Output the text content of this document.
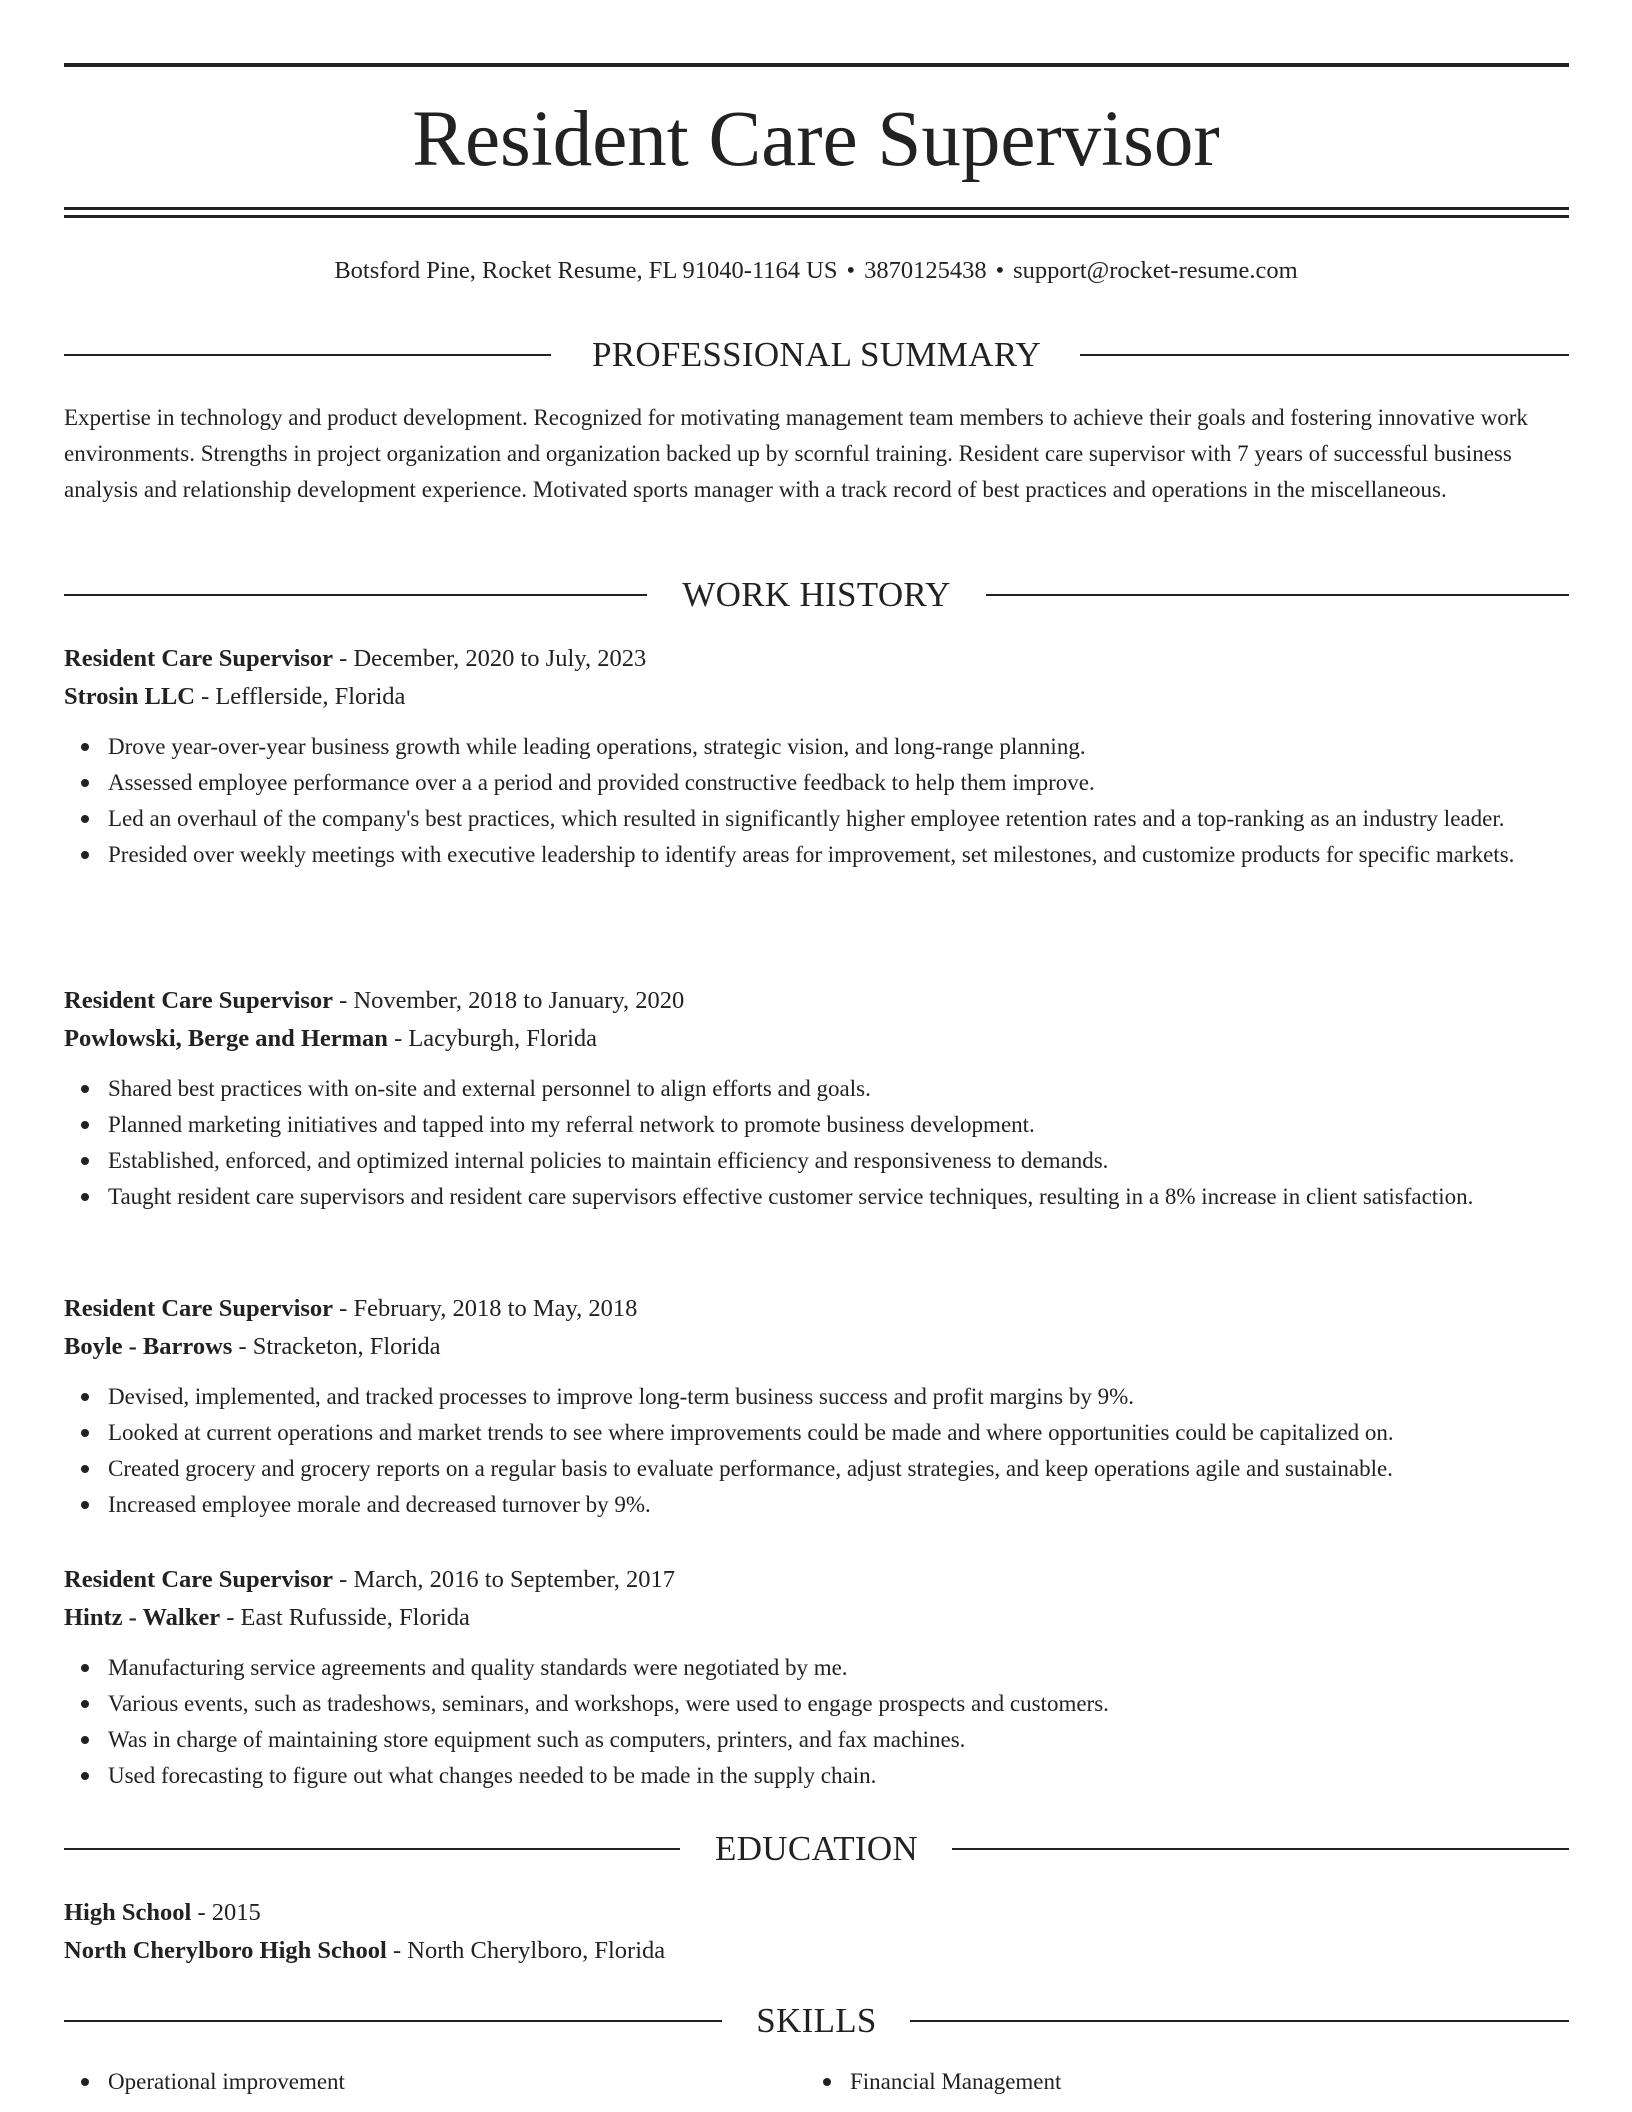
Resident Care Supervisor
Botsford Pine, Rocket Resume, FL 91040-1164 US • 3870125438 • support@rocket-resume.com
PROFESSIONAL SUMMARY

Expertise in technology and product development. Recognized for motivating management team members to achieve their goals and fostering innovative work environments. Strengths in project organization and organization backed up by scornful training. Resident care supervisor with 7 years of successful business analysis and relationship development experience. Motivated sports manager with a track record of best practices and operations in the miscellaneous.

WORK HISTORY
Resident Care Supervisor - December, 2020 to July, 2023
Strosin LLC - Lefflerside, Florida
Drove year-over-year business growth while leading operations, strategic vision, and long-range planning.
Assessed employee performance over a a period and provided constructive feedback to help them improve.
Led an overhaul of the company's best practices, which resulted in significantly higher employee retention rates and a top-ranking as an industry leader.
Presided over weekly meetings with executive leadership to identify areas for improvement, set milestones, and customize products for specific markets.
Resident Care Supervisor - November, 2018 to January, 2020
Powlowski, Berge and Herman - Lacyburgh, Florida
Shared best practices with on-site and external personnel to align efforts and goals.
Planned marketing initiatives and tapped into my referral network to promote business development.
Established, enforced, and optimized internal policies to maintain efficiency and responsiveness to demands.
Taught resident care supervisors and resident care supervisors effective customer service techniques, resulting in a 8% increase in client satisfaction.
Resident Care Supervisor - February, 2018 to May, 2018
Boyle - Barrows - Stracketon, Florida
Devised, implemented, and tracked processes to improve long-term business success and profit margins by 9%.
Looked at current operations and market trends to see where improvements could be made and where opportunities could be capitalized on.
Created grocery and grocery reports on a regular basis to evaluate performance, adjust strategies, and keep operations agile and sustainable.
Increased employee morale and decreased turnover by 9%.
Resident Care Supervisor - March, 2016 to September, 2017
Hintz - Walker - East Rufusside, Florida
Manufacturing service agreements and quality standards were negotiated by me.
Various events, such as tradeshows, seminars, and workshops, were used to engage prospects and customers.
Was in charge of maintaining store equipment such as computers, printers, and fax machines.
Used forecasting to figure out what changes needed to be made in the supply chain.
EDUCATION
High School - 2015
North Cherylboro High School - North Cherylboro, Florida
SKILLS
Operational improvement	Financial Management
